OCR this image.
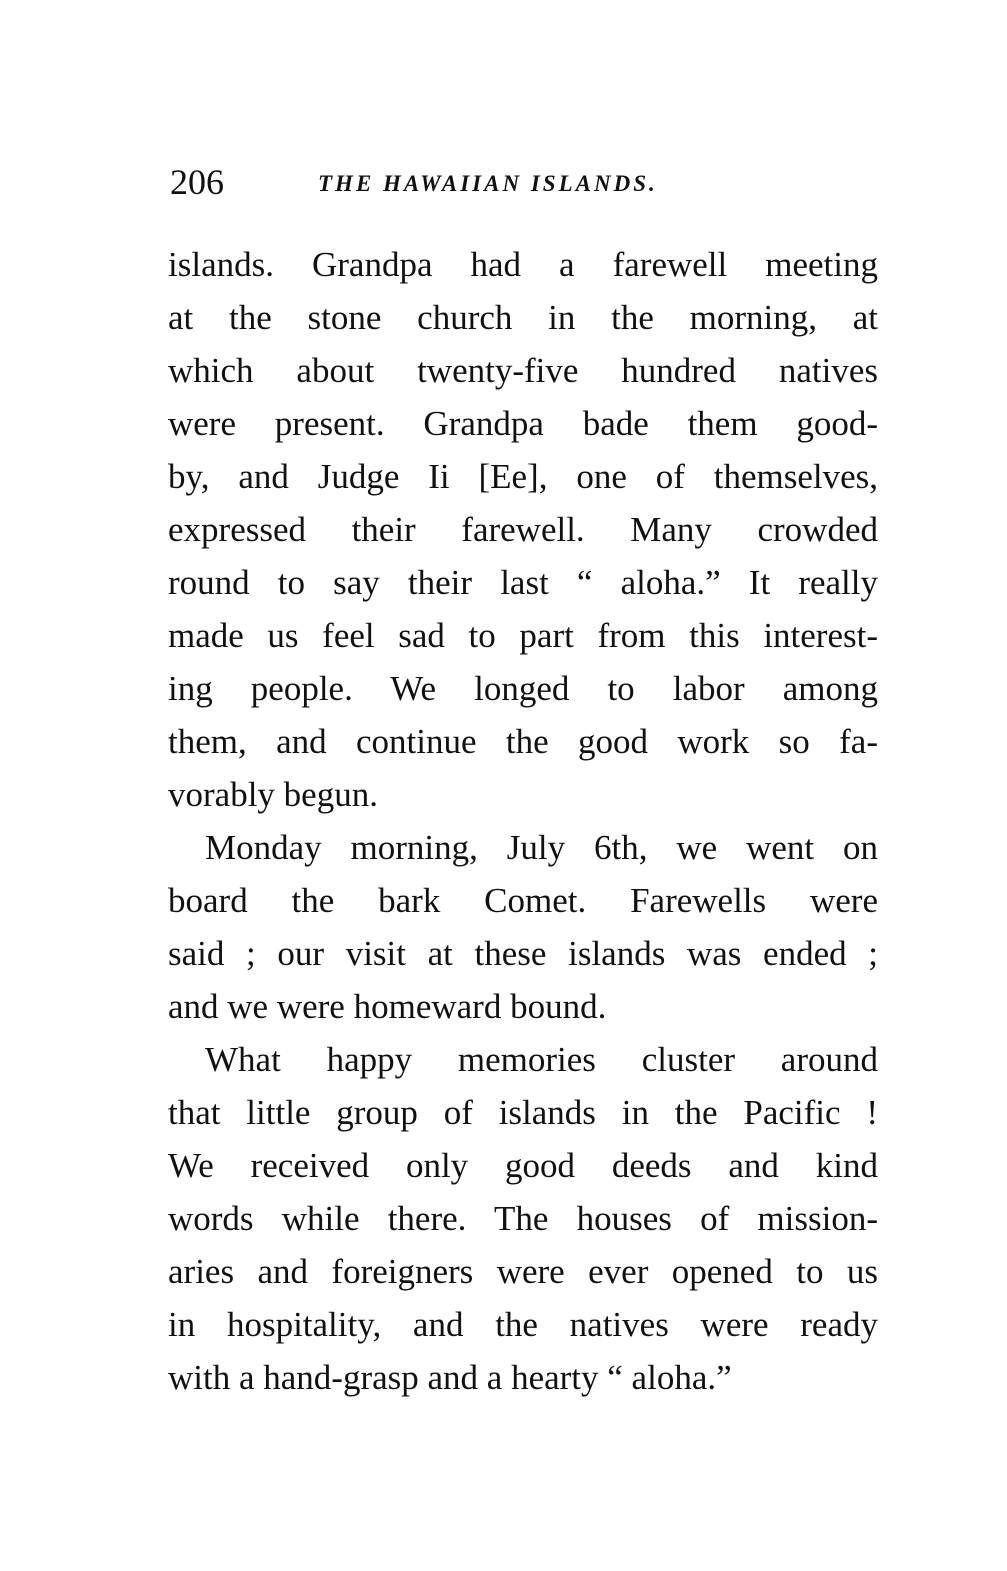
206	THE HAWAIIAN ISLANDS.
islands. Grandpa had a farewell meeting
at the stone church in the morning, at
which about twenty-five hundred natives
were present. Grandpa bade them good-
by, and Judge Ii [Ee], one of themselves,
expressed their farewell. Many crowded
round to say their last “ aloha.” It really
made us feel sad to part from this interest-
ing people. We longed to labor among
them, and continue the good work so fa-
vorably begun.
Monday morning, July 6th, we went on
board the bark Comet. Farewells were
said ; our visit at these islands was ended ;
and we were homeward bound.
What happy memories cluster around
that little group of islands in the Pacific !
We received only good deeds and kind
words while there. The houses of mission-
aries and foreigners were ever opened to us
in hospitality, and the natives were ready
with a hand-grasp and a hearty “ aloha.”
